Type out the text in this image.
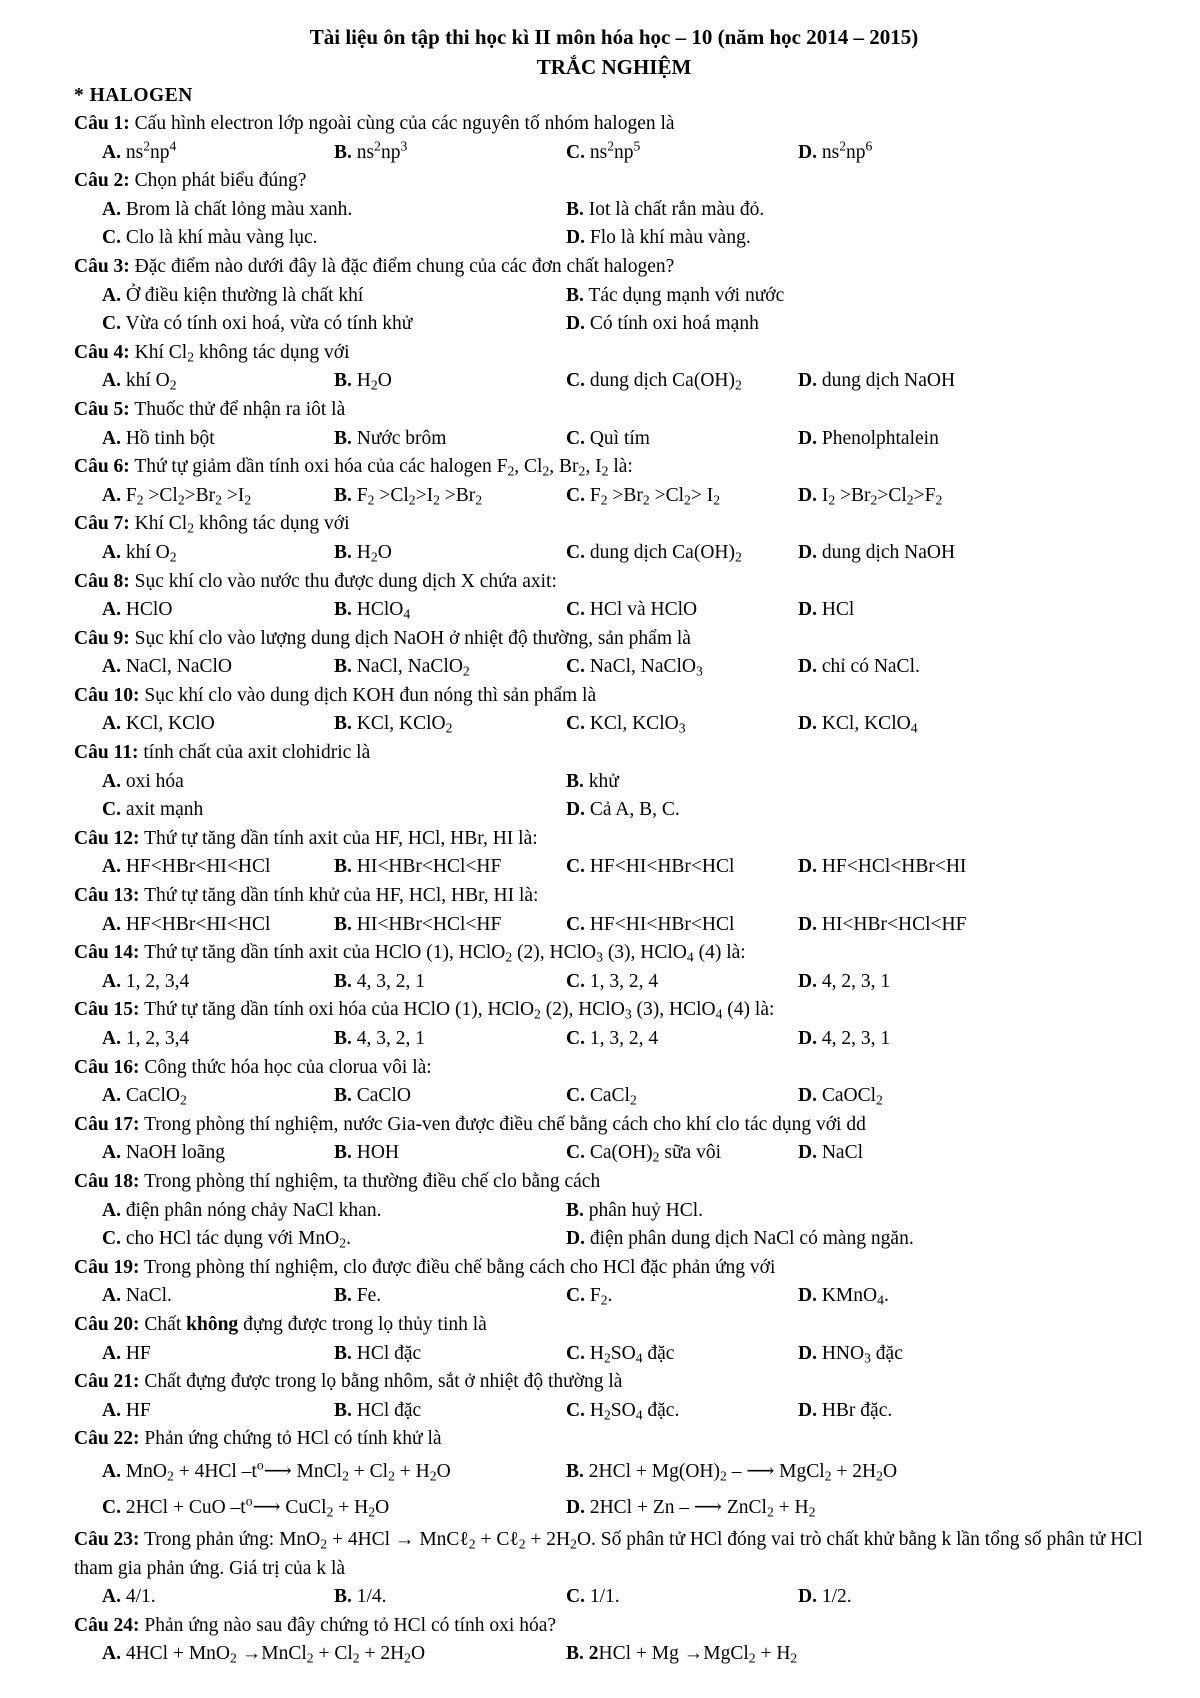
Tài liệu ôn tập thi học kì II môn hóa học – 10 (năm học 2014 – 2015)
TRẮC NGHIỆM
* HALOGEN
Câu 1: Cấu hình electron lớp ngoài cùng của các nguyên tố nhóm halogen là
A. $ns^2np^4$	B. $ns^2np^3$	C. $ns^2np^5$	D. $ns^2np^6$
Câu 2: Chọn phát biểu đúng?
A. Brom là chất lỏng màu xanh.	B. Iot là chất rắn màu đỏ.
C. Clo là khí màu vàng lục.	D. Flo là khí màu vàng.
Câu 3: Đặc điểm nào dưới đây là đặc điểm chung của các đơn chất halogen?
A. Ở điều kiện thường là chất khí	B. Tác dụng mạnh với nước
C. Vừa có tính oxi hoá, vừa có tính khử	D. Có tính oxi hoá mạnh
Câu 4: Khí $Cl_2$ không tác dụng với
A. khí $O_2$	B. $H_2O$	C. dung dịch $Ca(OH)_2$	D. dung dịch NaOH
Câu 5: Thuốc thử để nhận ra iôt là
A. Hồ tinh bột	B. Nước brôm	C. Quì tím	D. Phenolphtalein
Câu 6: Thứ tự giảm dần tính oxi hóa của các halogen $F_2$, $Cl_2$, $Br_2$, $I_2$ là:
A. $F_2 >Cl_2>Br_2 >I_2$	B. $F_2 >Cl_2>I_2 >Br_2$	C. $F_2 >Br_2 >Cl_2> I_2$	D. $I_2 >Br_2>Cl_2>F_2$
Câu 7: Khí $Cl_2$ không tác dụng với
A. khí $O_2$	B. $H_2O$	C. dung dịch $Ca(OH)_2$	D. dung dịch NaOH
Câu 8: Sục khí clo vào nước thu được dung dịch X chứa axit:
A. HClO	B. HClO$_4$	C. HCl và HClO	D. HCl
Câu 9: Sục khí clo vào lượng dung dịch NaOH ở nhiệt độ thường, sản phẩm là
A. NaCl, NaClO	B. NaCl, NaClO$_2$	C. NaCl, NaClO$_3$	D. chỉ có NaCl.
Câu 10: Sục khí clo vào dung dịch KOH đun nóng thì sản phẩm là
A. KCl, KClO	B. KCl, KClO$_2$	C. KCl, KClO$_3$	D. KCl, KClO$_4$
Câu 11: tính chất của axit clohidric là
A. oxi hóa	B. khử
C. axit mạnh	D. Cả A, B, C.
Câu 12: Thứ tự tăng dần tính axit của HF, HCl, HBr, HI là:
A. HF<HBr<HI<HCl	B. HI<HBr<HCl<HF	C. HF<HI<HBr<HCl	D. HF<HCl<HBr<HI
Câu 13: Thứ tự tăng dần tính khử của HF, HCl, HBr, HI là:
A. HF<HBr<HI<HCl	B. HI<HBr<HCl<HF	C. HF<HI<HBr<HCl	D. HI<HBr<HCl<HF
Câu 14: Thứ tự tăng dần tính axit của HClO (1), HClO$_2$ (2), HClO$_3$ (3), HClO$_4$ (4) là:
A. 1, 2, 3,4	B. 4, 3, 2, 1	C. 1, 3, 2, 4	D. 4, 2, 3, 1
Câu 15: Thứ tự tăng dần tính oxi hóa của HClO (1), HClO$_2$ (2), HClO$_3$ (3), HClO$_4$ (4) là:
A. 1, 2, 3,4	B. 4, 3, 2, 1	C. 1, 3, 2, 4	D. 4, 2, 3, 1
Câu 16: Công thức hóa học của clorua vôi là:
A. CaClO$_2$	B. CaClO	C. CaCl$_2$	D. CaOCl$_2$
Câu 17: Trong phòng thí nghiệm, nước Gia-ven được điều chế bằng cách cho khí clo tác dụng với dd
A. NaOH loãng	B. HOH	C. $Ca(OH)_2$ sữa vôi	D. NaCl
Câu 18: Trong phòng thí nghiệm, ta thường điều chế clo bằng cách
A. điện phân nóng chảy NaCl khan.	B. phân huỷ HCl.
C. cho HCl tác dụng với MnO$_2$.	D. điện phân dung dịch NaCl có màng ngăn.
Câu 19: Trong phòng thí nghiệm, clo được điều chế bằng cách cho HCl đặc phản ứng với
A. NaCl.	B. Fe.	C. $F_2$.	D. KMnO$_4$.
Câu 20: Chất không đựng được trong lọ thủy tinh là
A. HF	B. HCl đặc	C. $H_2SO_4$ đặc	D. $HNO_3$ đặc
Câu 21: Chất đựng được trong lọ bằng nhôm, sắt ở nhiệt độ thường là
A. HF	B. HCl đặc	C. $H_2SO_4$ đặc.	D. HBr đặc.
Câu 22: Phản ứng chứng tỏ HCl có tính khử là
A. MnO$_2$ + 4HCl $-t^o⟶$ MnCl$_2$ + $Cl_2 + H_2O$	B. $2HCl + Mg(OH)_2$ – ⟶ MgCl$_2$ + $2H_2O$
C. 2HCl + CuO $-t^o⟶$ CuCl$_2$ + $H_2O$	D. 2HCl + Zn – ⟶ ZnCl$_2$ + $H_2$
Câu 23: Trong phản ứng: MnO$_2$ + 4HCl → MnCℓ$_2$ + Cℓ$_2$ + $2H_2O$. Số phân tử HCl đóng vai trò chất khử bằng k lần tổng số phân tử HCl tham gia phản ứng. Giá trị của k là
A. 4/1.	B. 1/4.	C. 1/1.	D. 1/2.
Câu 24: Phản ứng nào sau đây chứng tỏ HCl có tính oxi hóa?
A. 4HCl + MnO$_2$ →MnCl$_2$ + $Cl_2 + 2H_2O$	B. 2HCl + Mg →MgCl$_2$ + $H_2$
